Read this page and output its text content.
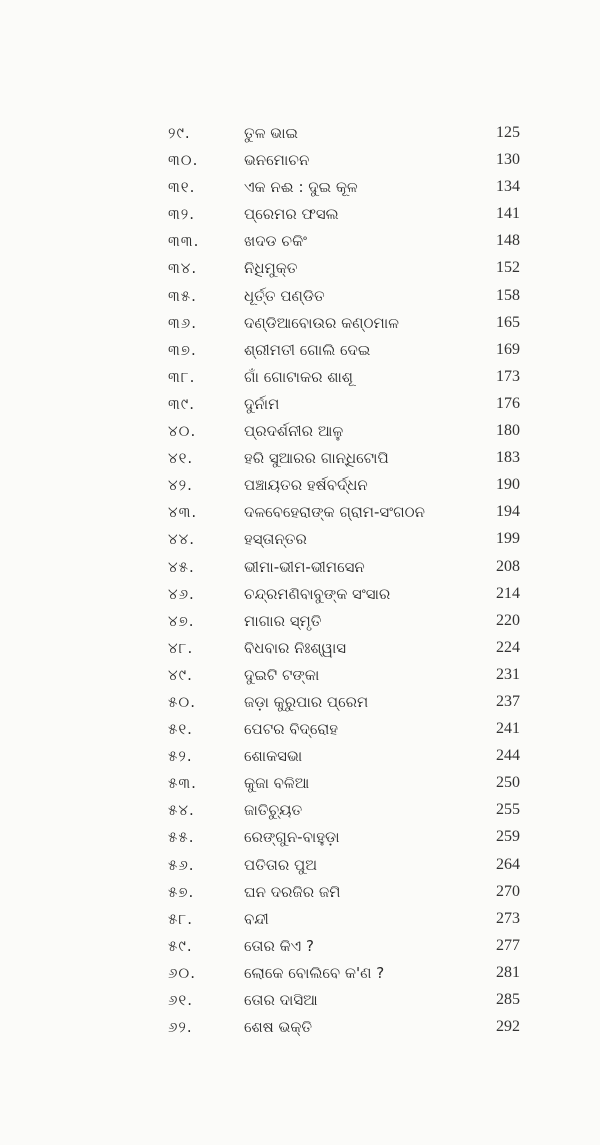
୨୯.	ତୁଳ ଭାଇ	125
୩୦.	ଭନମୋଚନ	130
୩୧.	ଏକ ନଈ : ଦୁଇ କୂଳ	134
୩୨.	ପ୍ରେମର ଫସଲ	141
୩୩.	ଖଦଡ ଚକିଂ	148
୩୪.	ନିଧିମୁକ୍ତ	152
୩୫.	ଧୂର୍ତ୍ତ ପଣ୍ଡିତ	158
୩୬.	ଦଣ୍ଡିଆବୋଉର କଣ୍ଠମାଳ	165
୩୭.	ଶ୍ରୀମତୀ ଗୋଲି ଦେଇ	169
୩୮.	ଗାଁ ଗୋଟାକର ଶାଶୂ	173
୩୯.	ଦୁର୍ନାମ	176
୪୦.	ପ୍ରଦର୍ଶନୀର ଆଳୁ	180
୪୧.	ହରି ସୁଆରର ଗାନ୍ଧିଟୋପି	183
୪୨.	ପଞ୍ଚାୟତର ହର୍ଷବର୍ଦ୍ଧନ	190
୪୩.	ଦଳବେହେରାଙ୍କ ଗ୍ରାମ-ସଂଗଠନ	194
୪୪.	ହସ୍ତାନ୍ତର	199
୪୫.	ଭୀମା-ଭୀମ-ଭୀମସେନ	208
୪୬.	ଚନ୍ଦ୍ରମଣିବାବୁଙ୍କ ସଂସାର	214
୪୭.	ମାଗାର ସ୍ମୃତି	220
୪୮.	ବିଧବାର ନିଃଶ୍ୱାସ	224
୪୯.	ଦୁଇଟି ଟଙ୍କା	231
୫୦.	ଜଡ଼ା କୁରୁପାର ପ୍ରେମ	237
୫୧.	ପେଟର ବିଦ୍ରୋହ	241
୫୨.	ଶୋକସଭା	244
୫୩.	କୁଜା ବଳିଆ	250
୫୪.	ଜାତିଚ୍ୟୁତ	255
୫୫.	ରେଙ୍ଗୁନ-ବାହୁଡ଼ା	259
୫୬.	ପତିତାର ପୁଅ	264
୫୭.	ଘନ ଦରଜିର ଜମି	270
୫୮.	ବନ୍ଦୀ	273
୫୯.	ତୋର କିଏ ?	277
୬୦.	ଲୋକେ ବୋଲିବେ କ'ଣ ?	281
୬୧.	ତୋର ଦାସିଆ	285
୬୨.	ଶେଷ ଭକ୍ତି	292
